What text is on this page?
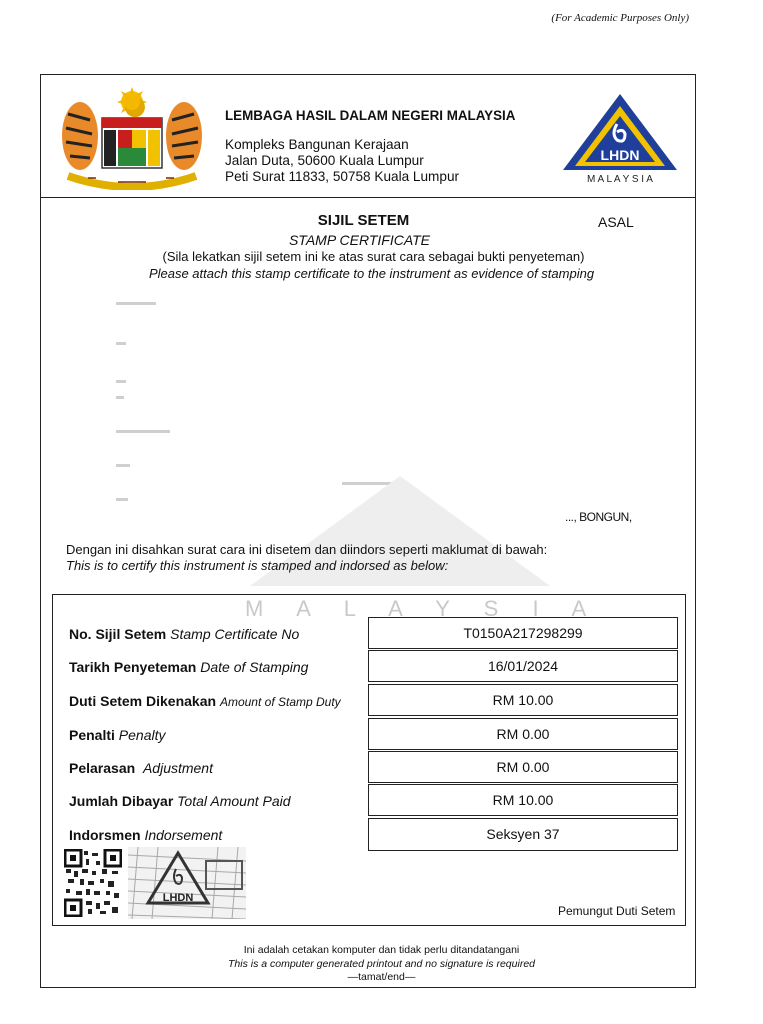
(For Academic Purposes Only)
LEMBAGA HASIL DALAM NEGERI MALAYSIA
Kompleks Bangunan Kerajaan
Jalan Duta, 50600 Kuala Lumpur
Peti Surat 11833, 50758 Kuala Lumpur
LHDN
M A L A Y S I A
SIJIL SETEM	ASAL
STAMP CERTIFICATE
(Sila lekatkan sijil setem ini ke atas surat cara sebagai bukti penyeteman)
Please attach this stamp certificate to the instrument as evidence of stamping
..., BONGUN,
Dengan ini disahkan surat cara ini disetem dan diindors seperti maklumat di bawah:
This is to certify this instrument is stamped and indorsed as below:
M A L A Y S I A
No. Sijil Setem Stamp Certificate No	T0150A217298299
Tarikh Penyeteman Date of Stamping	16/01/2024
Duti Setem Dikenakan Amount of Stamp Duty	RM 10.00
Penalti Penalty	RM 0.00
Pelarasan Adjustment	RM 0.00
Jumlah Dibayar Total Amount Paid	RM 10.00
Indorsmen Indorsement	Seksyen 37
LHDN
Pemungut Duti Setem
Ini adalah cetakan komputer dan tidak perlu ditandatangani
This is a computer generated printout and no signature is required
—tamat/end—
